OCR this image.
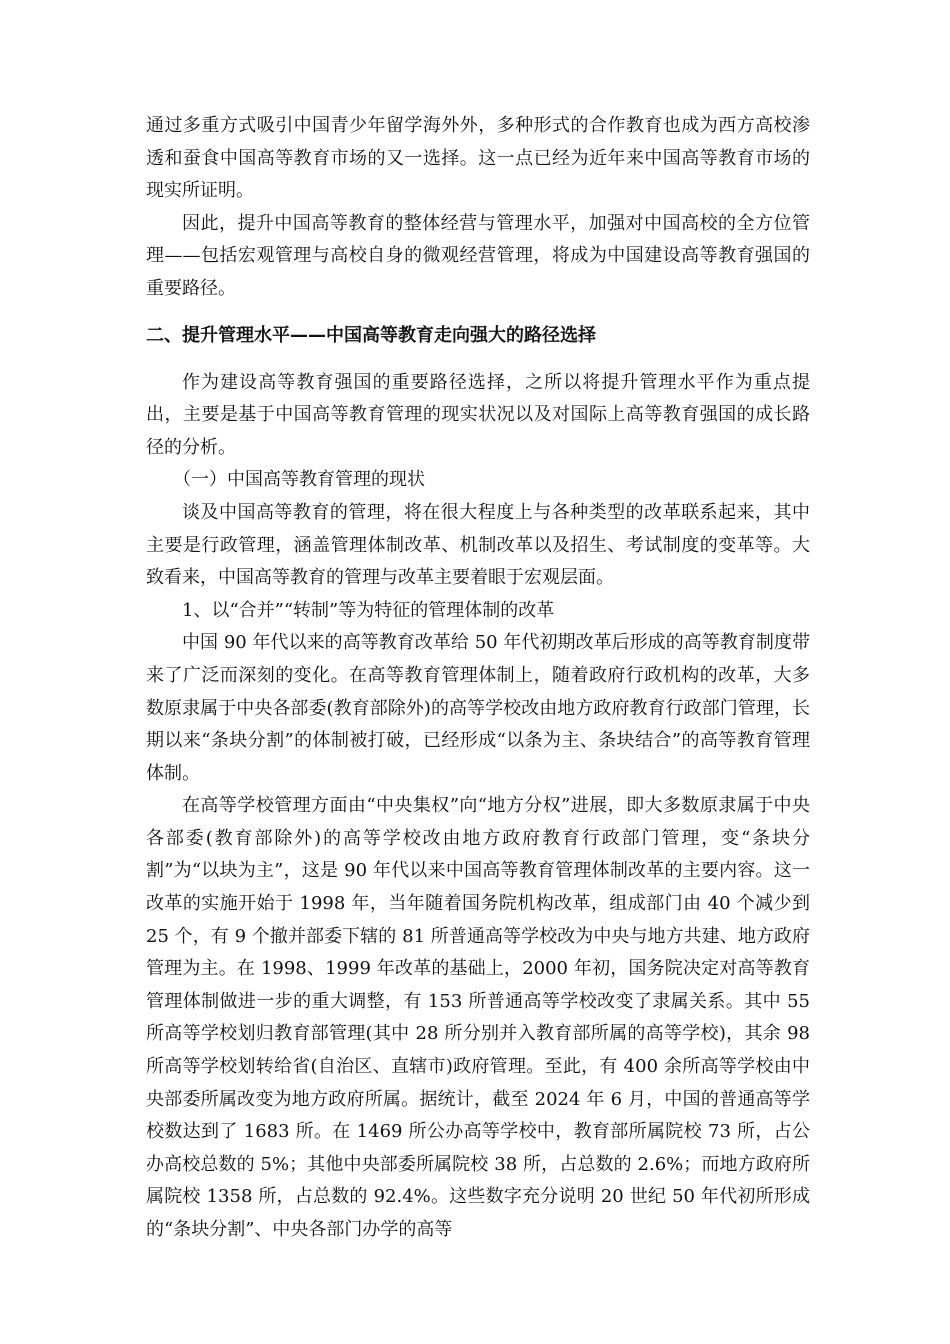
通过多重方式吸引中国青少年留学海外外，多种形式的合作教育也成为西方高校渗透和蚕食中国高等教育市场的又一选择。这一点已经为近年来中国高等教育市场的现实所证明。

因此，提升中国高等教育的整体经营与管理水平，加强对中国高校的全方位管理——包括宏观管理与高校自身的微观经营管理，将成为中国建设高等教育强国的重要路径。

二、提升管理水平——中国高等教育走向强大的路径选择

作为建设高等教育强国的重要路径选择，之所以将提升管理水平作为重点提出，主要是基于中国高等教育管理的现实状况以及对国际上高等教育强国的成长路径的分析。

（一）中国高等教育管理的现状

谈及中国高等教育的管理，将在很大程度上与各种类型的改革联系起来，其中主要是行政管理，涵盖管理体制改革、机制改革以及招生、考试制度的变革等。大致看来，中国高等教育的管理与改革主要着眼于宏观层面。

1、以“合并”“转制”等为特征的管理体制的改革

中国 90 年代以来的高等教育改革给 50 年代初期改革后形成的高等教育制度带来了广泛而深刻的变化。在高等教育管理体制上，随着政府行政机构的改革，大多数原隶属于中央各部委(教育部除外)的高等学校改由地方政府教育行政部门管理，长期以来“条块分割”的体制被打破，已经形成“以条为主、条块结合”的高等教育管理体制。

在高等学校管理方面由“中央集权”向“地方分权”进展，即大多数原隶属于中央各部委(教育部除外)的高等学校改由地方政府教育行政部门管理，变“条块分割”为“以块为主”，这是 90 年代以来中国高等教育管理体制改革的主要内容。这一改革的实施开始于 1998 年，当年随着国务院机构改革，组成部门由 40 个减少到 25 个，有 9 个撤并部委下辖的 81 所普通高等学校改为中央与地方共建、地方政府管理为主。在 1998、1999 年改革的基础上，2000 年初，国务院决定对高等教育管理体制做进一步的重大调整，有 153 所普通高等学校改变了隶属关系。其中 55 所高等学校划归教育部管理(其中 28 所分别并入教育部所属的高等学校)，其余 98 所高等学校划转给省(自治区、直辖市)政府管理。至此，有 400 余所高等学校由中央部委所属改变为地方政府所属。据统计，截至 2024 年 6 月，中国的普通高等学校数达到了 1683 所。在 1469 所公办高等学校中，教育部所属院校 73 所，占公办高校总数的 5%；其他中央部委所属院校 38 所，占总数的 2.6%；而地方政府所属院校 1358 所，占总数的 92.4%。这些数字充分说明 20 世纪 50 年代初所形成的“条块分割”、中央各部门办学的高等
